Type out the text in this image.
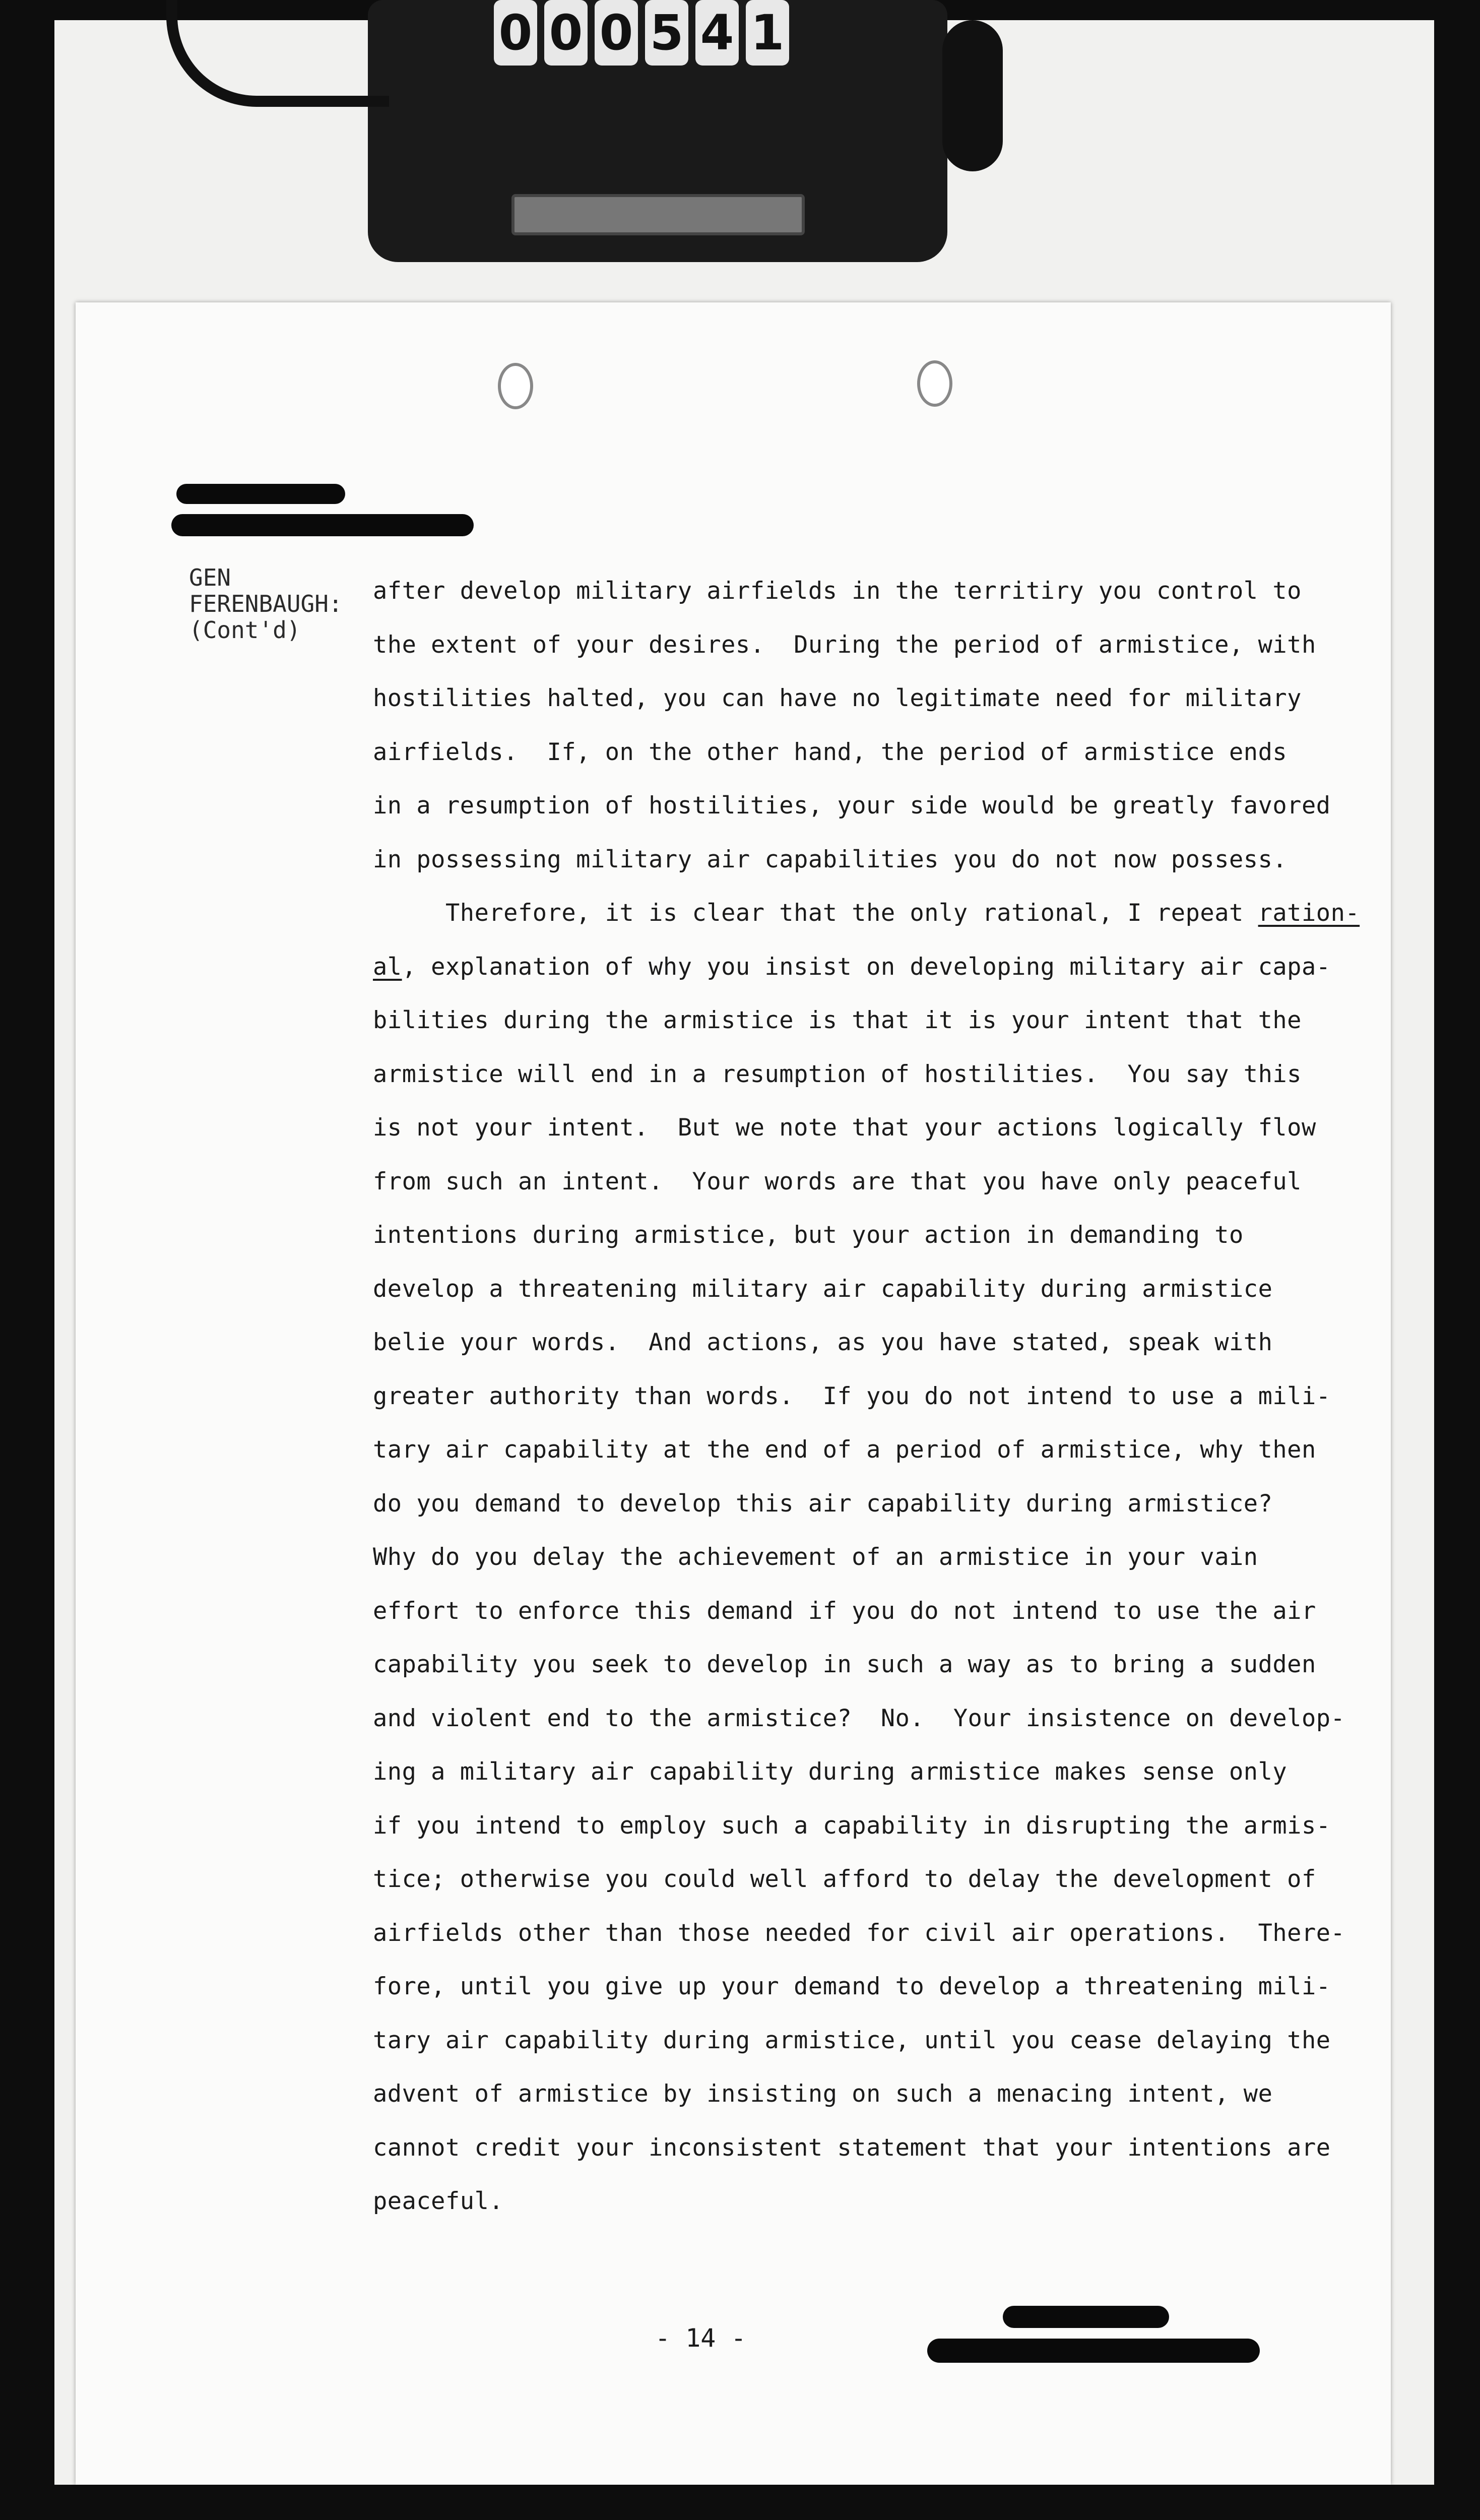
0 0 0 5 4 1
GEN
FERENBAUGH:
(Cont'd)
after develop military airfields in the territiry you control to
the extent of your desires.  During the period of armistice, with
hostilities halted, you can have no legitimate need for military
airfields.  If, on the other hand, the period of armistice ends
in a resumption of hostilities, your side would be greatly favored
in possessing military air capabilities you do not now possess.
Therefore, it is clear that the only rational, I repeat ration-
al, explanation of why you insist on developing military air capa-
bilities during the armistice is that it is your intent that the
armistice will end in a resumption of hostilities.  You say this
is not your intent.  But we note that your actions logically flow
from such an intent.  Your words are that you have only peaceful
intentions during armistice, but your action in demanding to
develop a threatening military air capability during armistice
belie your words.  And actions, as you have stated, speak with
greater authority than words.  If you do not intend to use a mili-
tary air capability at the end of a period of armistice, why then
do you demand to develop this air capability during armistice?
Why do you delay the achievement of an armistice in your vain
effort to enforce this demand if you do not intend to use the air
capability you seek to develop in such a way as to bring a sudden
and violent end to the armistice?  No.  Your insistence on develop-
ing a military air capability during armistice makes sense only
if you intend to employ such a capability in disrupting the armis-
tice; otherwise you could well afford to delay the development of
airfields other than those needed for civil air operations.  There-
fore, until you give up your demand to develop a threatening mili-
tary air capability during armistice, until you cease delaying the
advent of armistice by insisting on such a menacing intent, we
cannot credit your inconsistent statement that your intentions are
peaceful.
- 14 -
